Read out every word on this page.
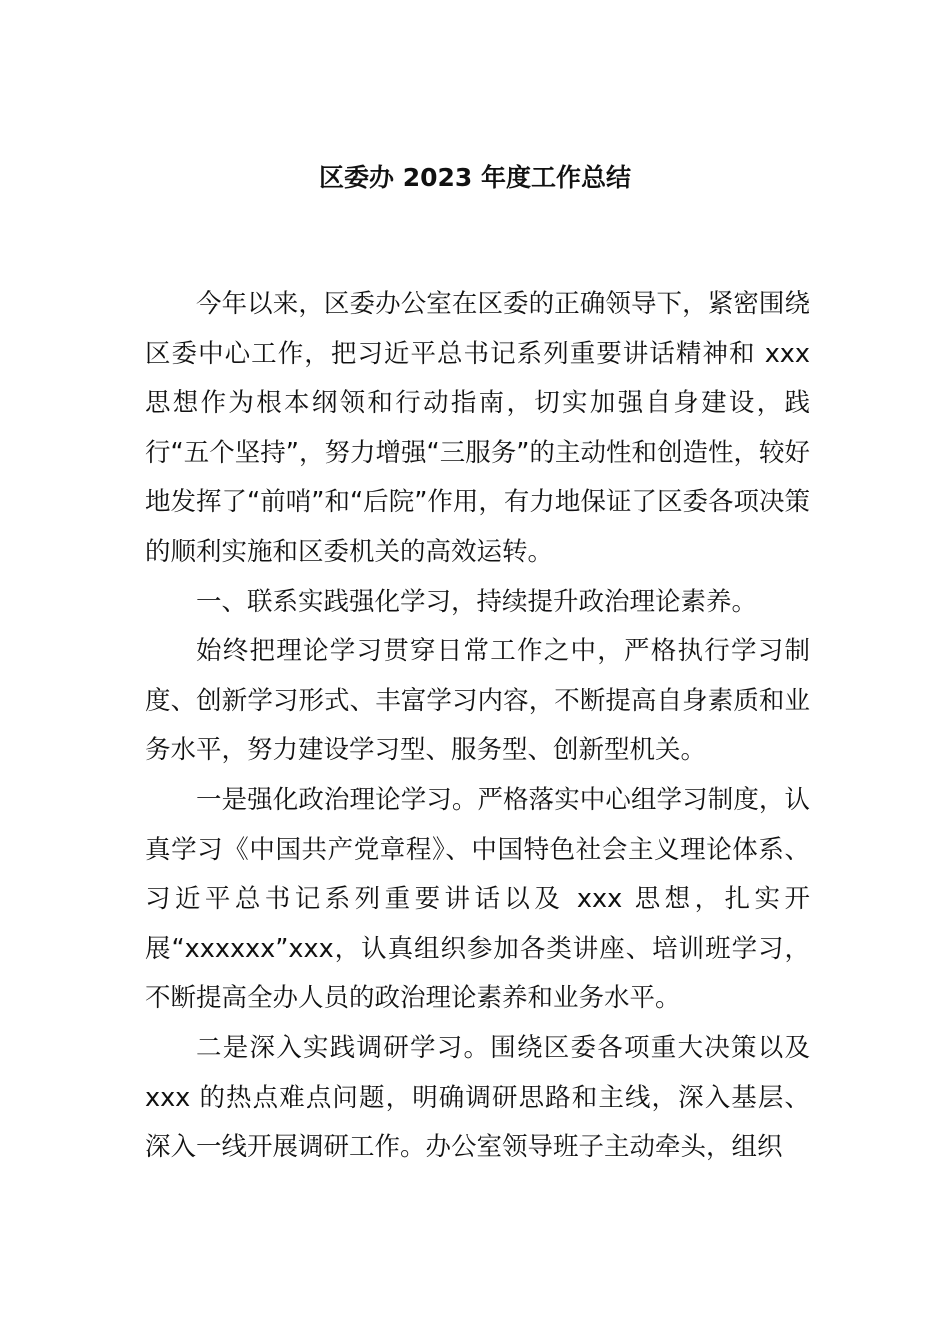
区委办 2023 年度工作总结

今年以来，区委办公室在区委的正确领导下，紧密围绕区委中心工作，把习近平总书记系列重要讲话精神和 xxx 思想作为根本纲领和行动指南，切实加强自身建设，践行“五个坚持”，努力增强“三服务”的主动性和创造性，较好地发挥了“前哨”和“后院”作用，有力地保证了区委各项决策的顺利实施和区委机关的高效运转。

一、联系实践强化学习，持续提升政治理论素养。

始终把理论学习贯穿日常工作之中，严格执行学习制度、创新学习形式、丰富学习内容，不断提高自身素质和业务水平，努力建设学习型、服务型、创新型机关。

一是强化政治理论学习。严格落实中心组学习制度，认真学习《中国共产党章程》、中国特色社会主义理论体系、习近平总书记系列重要讲话以及 xxx 思想，扎实开展“xxxxxx”xxx，认真组织参加各类讲座、培训班学习，不断提高全办人员的政治理论素养和业务水平。

二是深入实践调研学习。围绕区委各项重大决策以及 xxx 的热点难点问题，明确调研思路和主线，深入基层、深入一线开展调研工作。办公室领导班子主动牵头，组织
